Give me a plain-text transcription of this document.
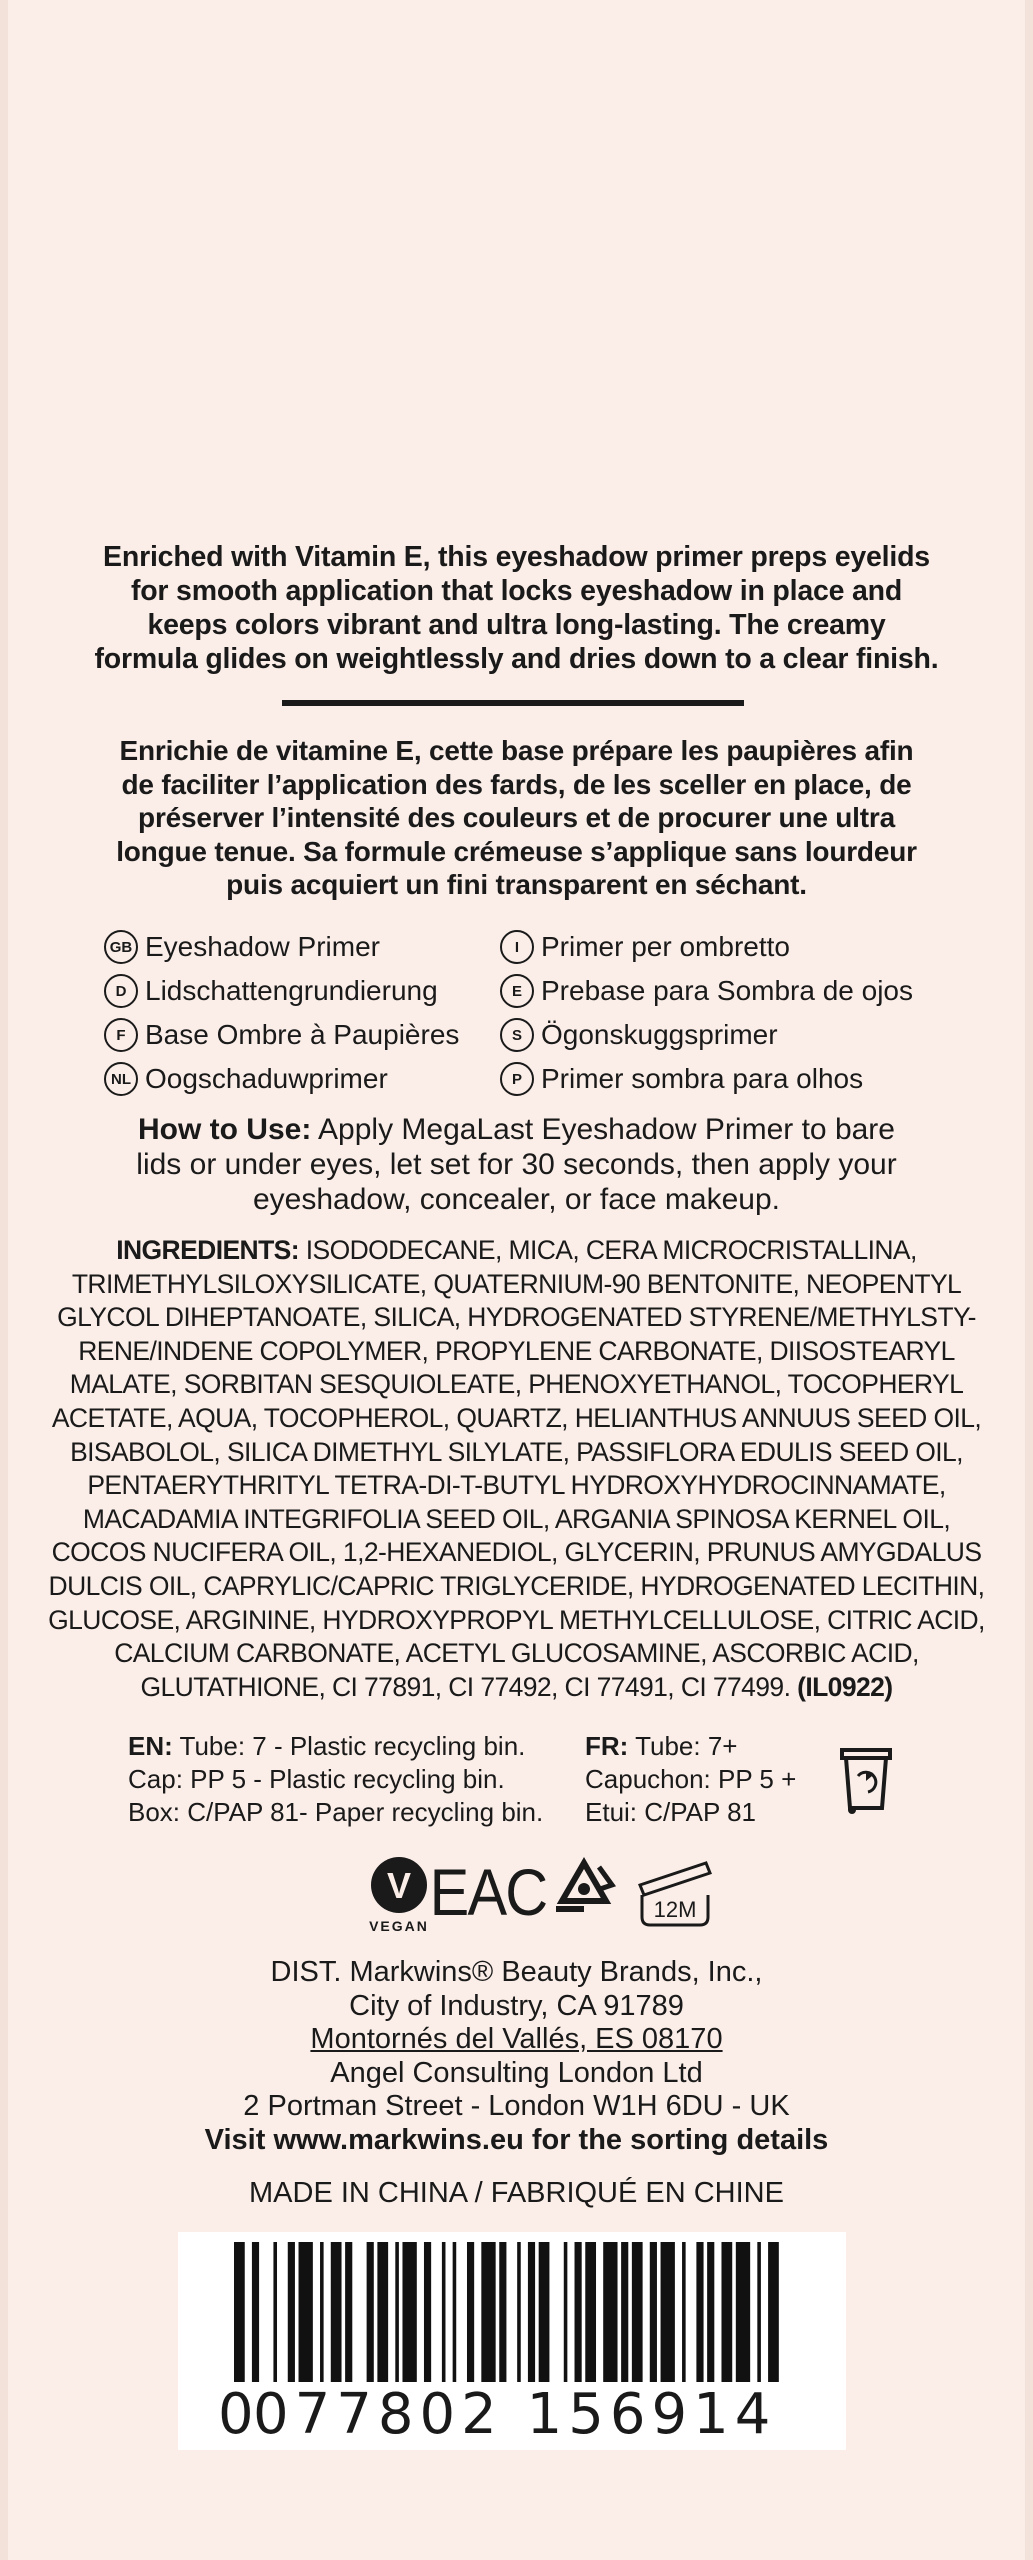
Enriched with Vitamin E, this eyeshadow primer preps eyelids
for smooth application that locks eyeshadow in place and
keeps colors vibrant and ultra long-lasting. The creamy
formula glides on weightlessly and dries down to a clear finish.
Enrichie de vitamine E, cette base prépare les paupières afin
de faciliter l’application des fards, de les sceller en place, de
préserver l’intensité des couleurs et de procurer une ultra
longue tenue. Sa formule crémeuse s’applique sans lourdeur
puis acquiert un fini transparent en séchant.
GB Eyeshadow Primer
D Lidschattengrundierung
F Base Ombre à Paupières
NL Oogschaduwprimer
I Primer per ombretto
E Prebase para Sombra de ojos
S Ögonskuggsprimer
P Primer sombra para olhos
How to Use: Apply MegaLast Eyeshadow Primer to bare
lids or under eyes, let set for 30 seconds, then apply your
eyeshadow, concealer, or face makeup.
INGREDIENTS: ISODODECANE, MICA, CERA MICROCRISTALLINA,
TRIMETHYLSILOXYSILICATE, QUATERNIUM-90 BENTONITE, NEOPENTYL
GLYCOL DIHEPTANOATE, SILICA, HYDROGENATED STYRENE/METHYLSTY-
RENE/INDENE COPOLYMER, PROPYLENE CARBONATE, DIISOSTEARYL
MALATE, SORBITAN SESQUIOLEATE, PHENOXYETHANOL, TOCOPHERYL
ACETATE, AQUA, TOCOPHEROL, QUARTZ, HELIANTHUS ANNUUS SEED OIL,
BISABOLOL, SILICA DIMETHYL SILYLATE, PASSIFLORA EDULIS SEED OIL,
PENTAERYTHRITYL TETRA-DI-T-BUTYL HYDROXYHYDROCINNAMATE,
MACADAMIA INTEGRIFOLIA SEED OIL, ARGANIA SPINOSA KERNEL OIL,
COCOS NUCIFERA OIL, 1,2-HEXANEDIOL, GLYCERIN, PRUNUS AMYGDALUS
DULCIS OIL, CAPRYLIC/CAPRIC TRIGLYCERIDE, HYDROGENATED LECITHIN,
GLUCOSE, ARGININE, HYDROXYPROPYL METHYLCELLULOSE, CITRIC ACID,
CALCIUM CARBONATE, ACETYL GLUCOSAMINE, ASCORBIC ACID,
GLUTATHIONE, CI 77891, CI 77492, CI 77491, CI 77499. (IL0922)
EN: Tube: 7 - Plastic recycling bin.
Cap: PP 5 - Plastic recycling bin.
Box: C/PAP 81- Paper recycling bin.
FR: Tube: 7+
Capuchon: PP 5 +
Etui: C/PAP 81
V
VEGAN EAC	12M
DIST. Markwins® Beauty Brands, Inc.,
City of Industry, CA 91789
Montornés del Vallés, ES 08170
Angel Consulting London Ltd
2 Portman Street - London W1H 6DU - UK
Visit www.markwins.eu for the sorting details
MADE IN CHINA / FABRIQUÉ EN CHINE
0
077802 156914
